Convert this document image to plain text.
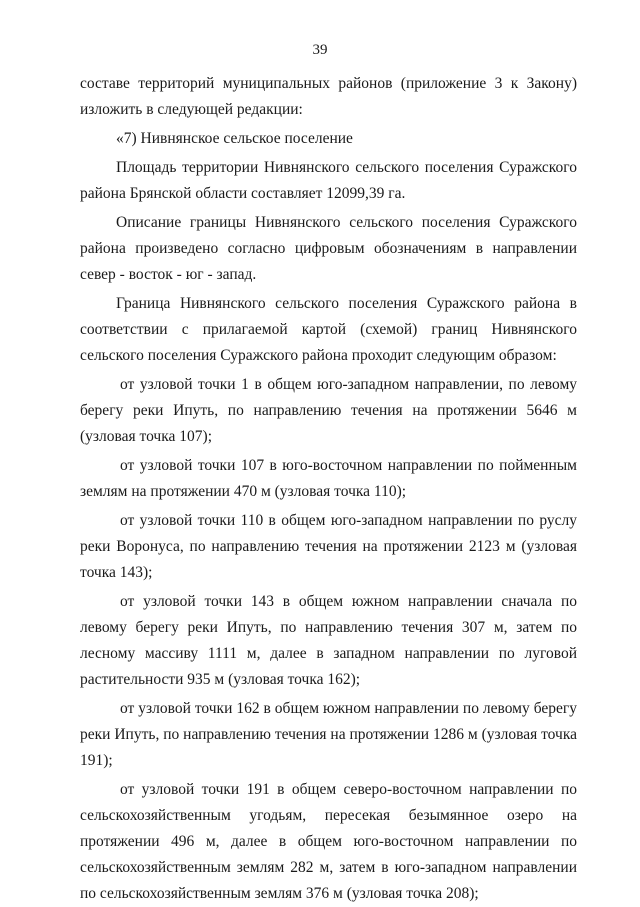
39

составе территорий муниципальных районов (приложение 3 к Закону) изложить в следующей редакции:

«7) Нивнянское сельское поселение

Площадь территории Нивнянского сельского поселения Суражского района Брянской области составляет 12099,39 га.

Описание границы Нивнянского сельского поселения Суражского района произведено согласно цифровым обозначениям в направлении север - восток - юг - запад.

Граница Нивнянского сельского поселения Суражского района в соответствии с прилагаемой картой (схемой) границ Нивнянского сельского поселения Суражского района проходит следующим образом:

от узловой точки 1 в общем юго-западном направлении, по левому берегу реки Ипуть, по направлению течения на протяжении 5646 м (узловая точка 107);

от узловой точки 107 в юго-восточном направлении по пойменным землям на протяжении 470 м (узловая точка 110);

от узловой точки 110 в общем юго-западном направлении по руслу реки Воронуса, по направлению течения на протяжении 2123 м (узловая точка 143);

от узловой точки 143 в общем южном направлении сначала по левому берегу реки Ипуть, по направлению течения 307 м, затем по лесному массиву 1111 м, далее в западном направлении по луговой растительности 935 м (узловая точка 162);

от узловой точки 162 в общем южном направлении по левому берегу реки Ипуть, по направлению течения на протяжении 1286 м (узловая точка 191);

от узловой точки 191 в общем северо-восточном направлении по сельскохозяйственным угодьям, пересекая безымянное озеро на протяжении 496 м, далее в общем юго-восточном направлении по сельскохозяйственным землям 282 м, затем в юго-западном направлении по сельскохозяйственным землям 376 м (узловая точка 208);
